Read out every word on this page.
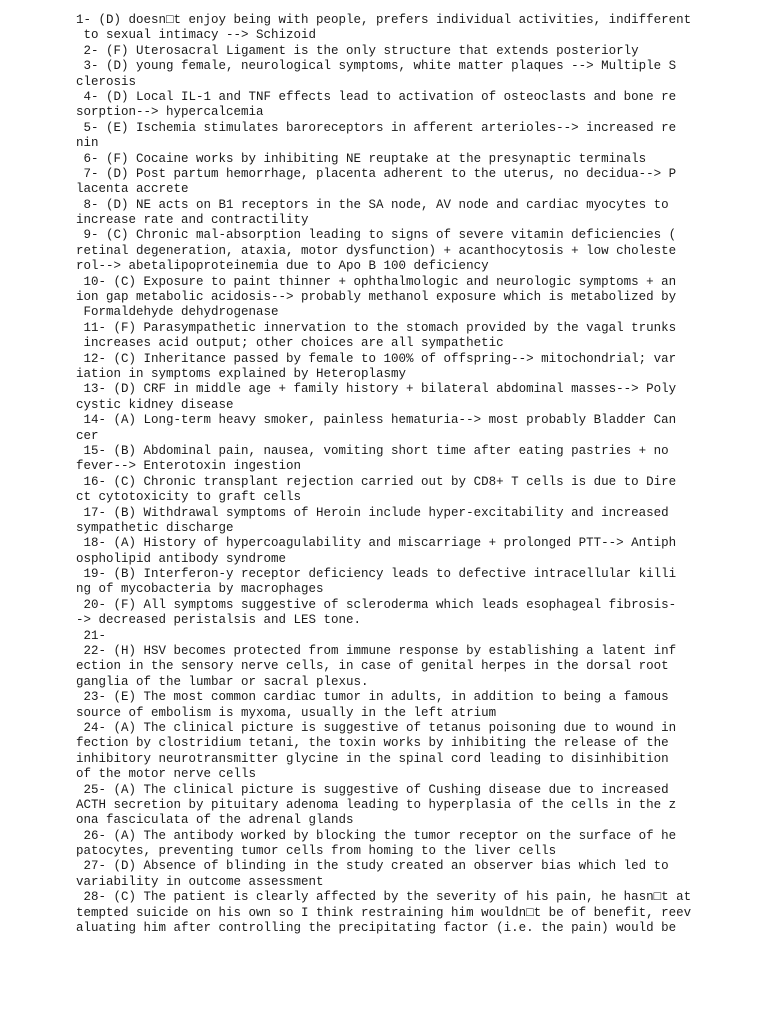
1- (D) doesn□t enjoy being with people, prefers individual activities, indifferent
to sexual intimacy --> Schizoid
2- (F) Uterosacral Ligament is the only structure that extends posteriorly
3- (D) young female, neurological symptoms, white matter plaques --> Multiple S
clerosis
4- (D) Local IL-1 and TNF effects lead to activation of osteoclasts and bone re
sorption--> hypercalcemia
5- (E) Ischemia stimulates baroreceptors in afferent arterioles--> increased re
nin
6- (F) Cocaine works by inhibiting NE reuptake at the presynaptic terminals
7- (D) Post partum hemorrhage, placenta adherent to the uterus, no decidua--> P
lacenta accrete
8- (D) NE acts on B1 receptors in the SA node, AV node and cardiac myocytes to
increase rate and contractility
9- (C) Chronic mal-absorption leading to signs of severe vitamin deficiencies (
retinal degeneration, ataxia, motor dysfunction) + acanthocytosis + low choleste
rol--> abetalipoproteinemia due to Apo B 100 deficiency
10- (C) Exposure to paint thinner + ophthalmologic and neurologic symptoms + an
ion gap metabolic acidosis--> probably methanol exposure which is metabolized by
Formaldehyde dehydrogenase
11- (F) Parasympathetic innervation to the stomach provided by the vagal trunks
increases acid output; other choices are all sympathetic
12- (C) Inheritance passed by female to 100% of offspring--> mitochondrial; var
iation in symptoms explained by Heteroplasmy
13- (D) CRF in middle age + family history + bilateral abdominal masses--> Poly
cystic kidney disease
14- (A) Long-term heavy smoker, painless hematuria--> most probably Bladder Can
cer
15- (B) Abdominal pain, nausea, vomiting short time after eating pastries + no
fever--> Enterotoxin ingestion
16- (C) Chronic transplant rejection carried out by CD8+ T cells is due to Dire
ct cytotoxicity to graft cells
17- (B) Withdrawal symptoms of Heroin include hyper-excitability and increased
sympathetic discharge
18- (A) History of hypercoagulability and miscarriage + prolonged PTT--> Antiph
ospholipid antibody syndrome
19- (B) Interferon-y receptor deficiency leads to defective intracellular killi
ng of mycobacteria by macrophages
20- (F) All symptoms suggestive of scleroderma which leads esophageal fibrosis-
-> decreased peristalsis and LES tone.
21-
22- (H) HSV becomes protected from immune response by establishing a latent inf
ection in the sensory nerve cells, in case of genital herpes in the dorsal root
ganglia of the lumbar or sacral plexus.
23- (E) The most common cardiac tumor in adults, in addition to being a famous
source of embolism is myxoma, usually in the left atrium
24- (A) The clinical picture is suggestive of tetanus poisoning due to wound in
fection by clostridium tetani, the toxin works by inhibiting the release of the
inhibitory neurotransmitter glycine in the spinal cord leading to disinhibition
of the motor nerve cells
25- (A) The clinical picture is suggestive of Cushing disease due to increased
ACTH secretion by pituitary adenoma leading to hyperplasia of the cells in the z
ona fasciculata of the adrenal glands
26- (A) The antibody worked by blocking the tumor receptor on the surface of he
patocytes, preventing tumor cells from homing to the liver cells
27- (D) Absence of blinding in the study created an observer bias which led to
variability in outcome assessment
28- (C) The patient is clearly affected by the severity of his pain, he hasn□t at
tempted suicide on his own so I think restraining him wouldn□t be of benefit, reev
aluating him after controlling the precipitating factor (i.e. the pain) would be
